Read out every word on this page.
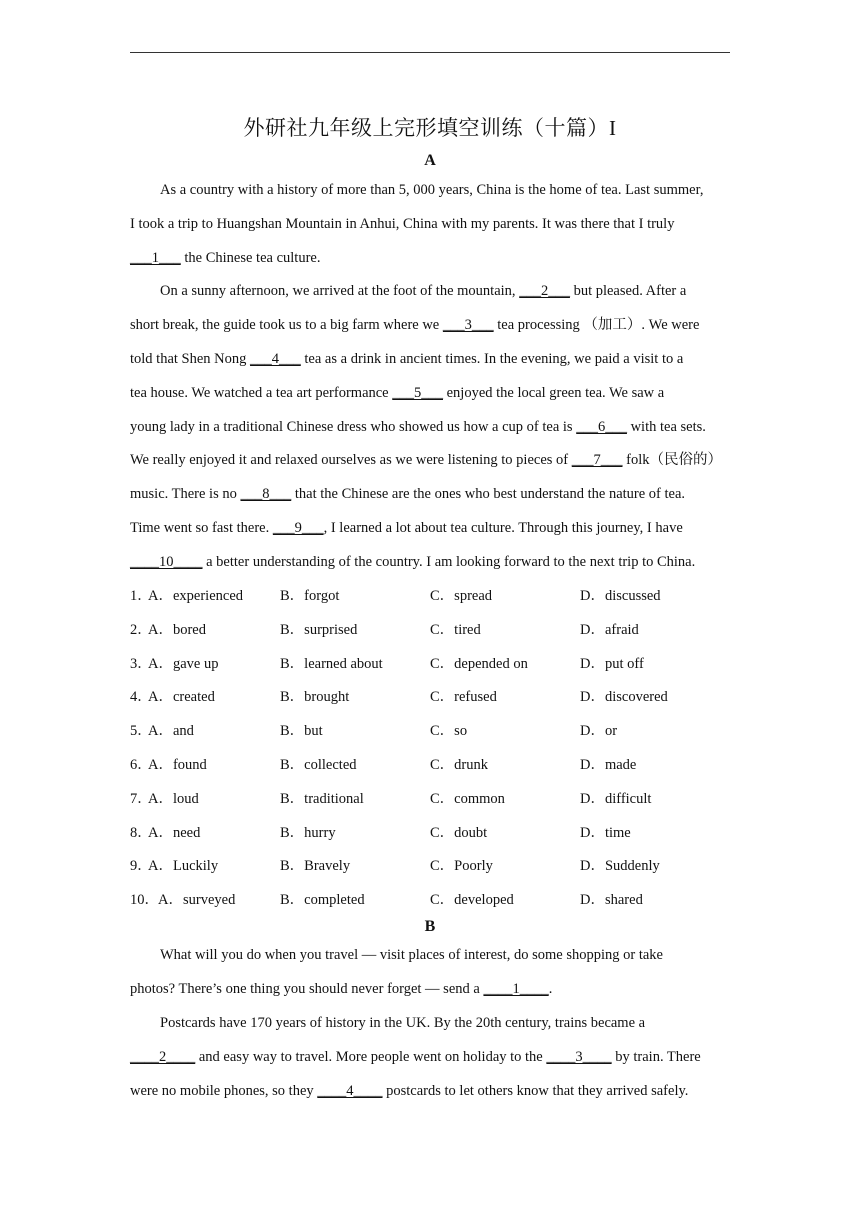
外研社九年级上完形填空训练（十篇）I
A
As a country with a history of more than 5, 000 years, China is the home of tea. Last summer,
I took a trip to Huangshan Mountain in Anhui, China with my parents. It was there that I truly
___1___ the Chinese tea culture.
On a sunny afternoon, we arrived at the foot of the mountain, ___2___ but pleased. After a
short break, the guide took us to a big farm where we ___3___ tea processing （加工）. We were
told that Shen Nong ___4___ tea as a drink in ancient times. In the evening, we paid a visit to a
tea house. We watched a tea art performance ___5___ enjoyed the local green tea. We saw a
young lady in a traditional Chinese dress who showed us how a cup of tea is ___6___ with tea sets.
We really enjoyed it and relaxed ourselves as we were listening to pieces of ___7___ folk（民俗的）
music. There is no ___8___ that the Chinese are the ones who best understand the nature of tea.
Time went so fast there. ___9___, I learned a lot about tea culture. Through this journey, I have
____10____ a better understanding of the country. I am looking forward to the next trip to China.
1．
A．experienced	B．forgot	C．spread	D．discussed
2．
A．bored	B．surprised	C．tired	D．afraid
3．
A．gave up	B．learned about	C．depended on	D．put off
4．
A．created	B．brought	C．refused	D．discovered
5．
A．and	B．but	C．so	D．or
6．
A．found	B．collected	C．drunk	D．made
7．
A．loud	B．traditional	C．common	D．difficult
8．
A．need	B．hurry	C．doubt	D．time
9．
A．Luckily	B．Bravely	C．Poorly	D．Suddenly
10． A．surveyed	B．completed	C．developed	D．shared
B
What will you do when you travel — visit places of interest, do some shopping or take
photos? There’s one thing you should never forget — send a ____1____.
Postcards have 170 years of history in the UK. By the 20th century, trains became a
____2____ and easy way to travel. More people went on holiday to the ____3____ by train. There
were no mobile phones, so they ____4____ postcards to let others know that they arrived safely.
